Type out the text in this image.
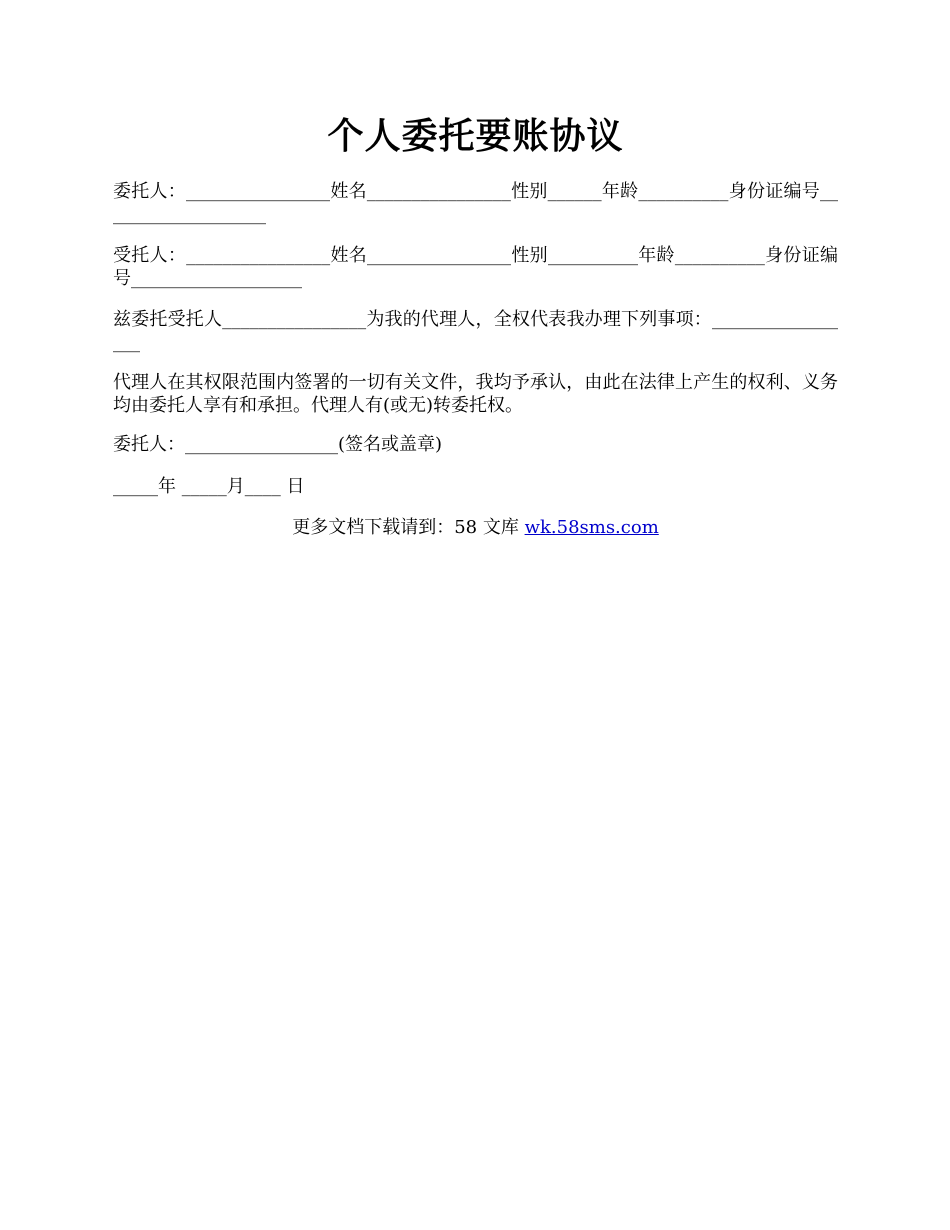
个人委托要账协议

委托人：________________姓名________________性别______年龄__________身份证编号___________________

受托人：________________姓名________________性别__________年龄__________身份证编号___________________

兹委托受托人________________为我的代理人，全权代表我办理下列事项：_________________

代理人在其权限范围内签署的一切有关文件，我均予承认，由此在法律上产生的权利、义务均由委托人享有和承担。代理人有(或无)转委托权。

委托人：_________________(签名或盖章)

_____年 _____月____ 日

更多文档下载请到：58 文库 wk.58sms.com
